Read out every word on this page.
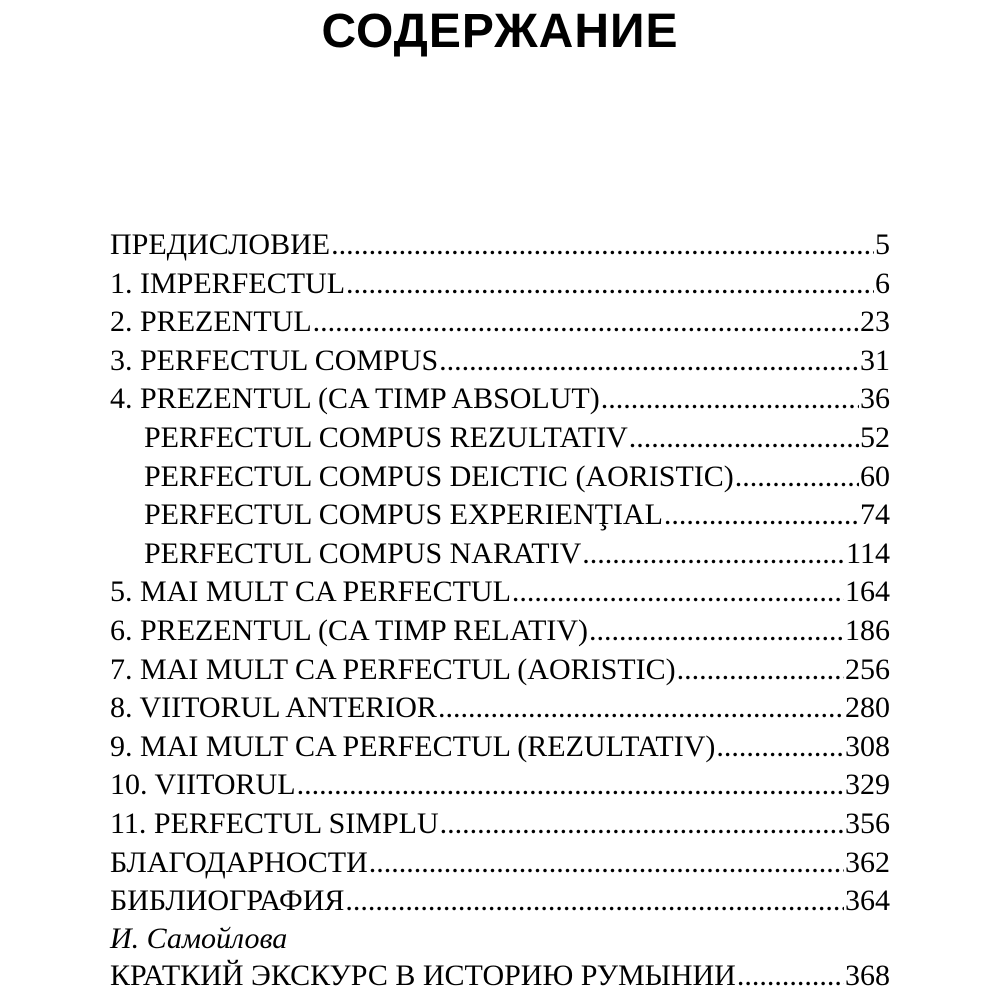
СОДЕРЖАНИЕ
ПРЕДИСЛОВИЕ .....	5
1. IMPERFECTUL .....	6
2. PREZENTUL .....	23
3. PERFECTUL COMPUS .....	31
4. PREZENTUL (CA TIMP ABSOLUT) .....	36
PERFECTUL COMPUS REZULTATIV .....	52
PERFECTUL COMPUS DEICTIC (AORISTIC) .....	60
PERFECTUL COMPUS EXPERIENŢIAL .....	74
PERFECTUL COMPUS NARATIV .....	114
5. MAI MULT CA PERFECTUL .....	164
6. PREZENTUL (CA TIMP RELATIV) .....	186
7. MAI MULT CA PERFECTUL (AORISTIC) .....	256
8. VIITORUL ANTERIOR .....	280
9. MAI MULT CA PERFECTUL (REZULTATIV) .....	308
10. VIITORUL .....	329
11. PERFECTUL SIMPLU .....	356
БЛАГОДАРНОСТИ .....	362
БИБЛИОГРАФИЯ .....	364
И. Самойлова
КРАТКИЙ ЭКСКУРС В ИСТОРИЮ РУМЫНИИ .....	368
